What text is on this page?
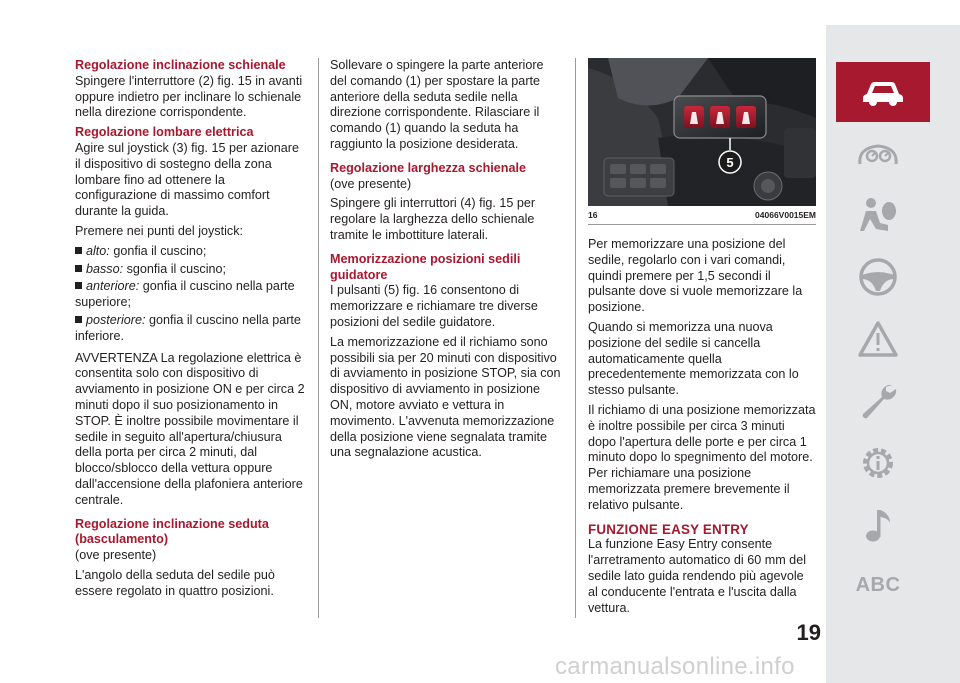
Regolazione inclinazione schienale

Spingere l'interruttore (2) fig. 15 in avanti oppure indietro per inclinare lo schienale nella direzione corrispondente.

Regolazione lombare elettrica

Agire sul joystick (3) fig. 15 per azionare il dispositivo di sostegno della zona lombare fino ad ottenere la configurazione di massimo comfort durante la guida.

Premere nei punti del joystick:

alto: gonfia il cuscino;
basso: sgonfia il cuscino;
anteriore: gonfia il cuscino nella parte superiore;
posteriore: gonfia il cuscino nella parte inferiore.

AVVERTENZA La regolazione elettrica è consentita solo con dispositivo di avviamento in posizione ON e per circa 2 minuti dopo il suo posizionamento in STOP. È inoltre possibile movimentare il sedile in seguito all'apertura/chiusura della porta per circa 2 minuti, dal blocco/sblocco della vettura oppure dall'accensione della plafoniera anteriore centrale.

Regolazione inclinazione seduta (basculamento)

(ove presente)

L'angolo della seduta del sedile può essere regolato in quattro posizioni.

Sollevare o spingere la parte anteriore del comando (1) per spostare la parte anteriore della seduta sedile nella direzione corrispondente. Rilasciare il comando (1) quando la seduta ha raggiunto la posizione desiderata.

Regolazione larghezza schienale

(ove presente)

Spingere gli interruttori (4) fig. 15 per regolare la larghezza dello schienale tramite le imbottiture laterali.

Memorizzazione posizioni sedili guidatore

I pulsanti (5) fig. 16 consentono di memorizzare e richiamare tre diverse posizioni del sedile guidatore.

La memorizzazione ed il richiamo sono possibili sia per 20 minuti con dispositivo di avviamento in posizione STOP, sia con dispositivo di avviamento in posizione ON, motore avviato e vettura in movimento. L'avvenuta memorizzazione della posizione viene segnalata tramite una segnalazione acustica.

5
16	04066V0015EM

Per memorizzare una posizione del sedile, regolarlo con i vari comandi, quindi premere per 1,5 secondi il pulsante dove si vuole memorizzare la posizione.

Quando si memorizza una nuova posizione del sedile si cancella automaticamente quella precedentemente memorizzata con lo stesso pulsante.

Il richiamo di una posizione memorizzata è inoltre possibile per circa 3 minuti dopo l'apertura delle porte e per circa 1 minuto dopo lo spegnimento del motore. Per richiamare una posizione memorizzata premere brevemente il relativo pulsante.

FUNZIONE EASY ENTRY

La funzione Easy Entry consente l'arretramento automatico di 60 mm del sedile lato guida rendendo più agevole al conducente l'entrata e l'uscita dalla vettura.

ABC
19
carmanualsonline.info
